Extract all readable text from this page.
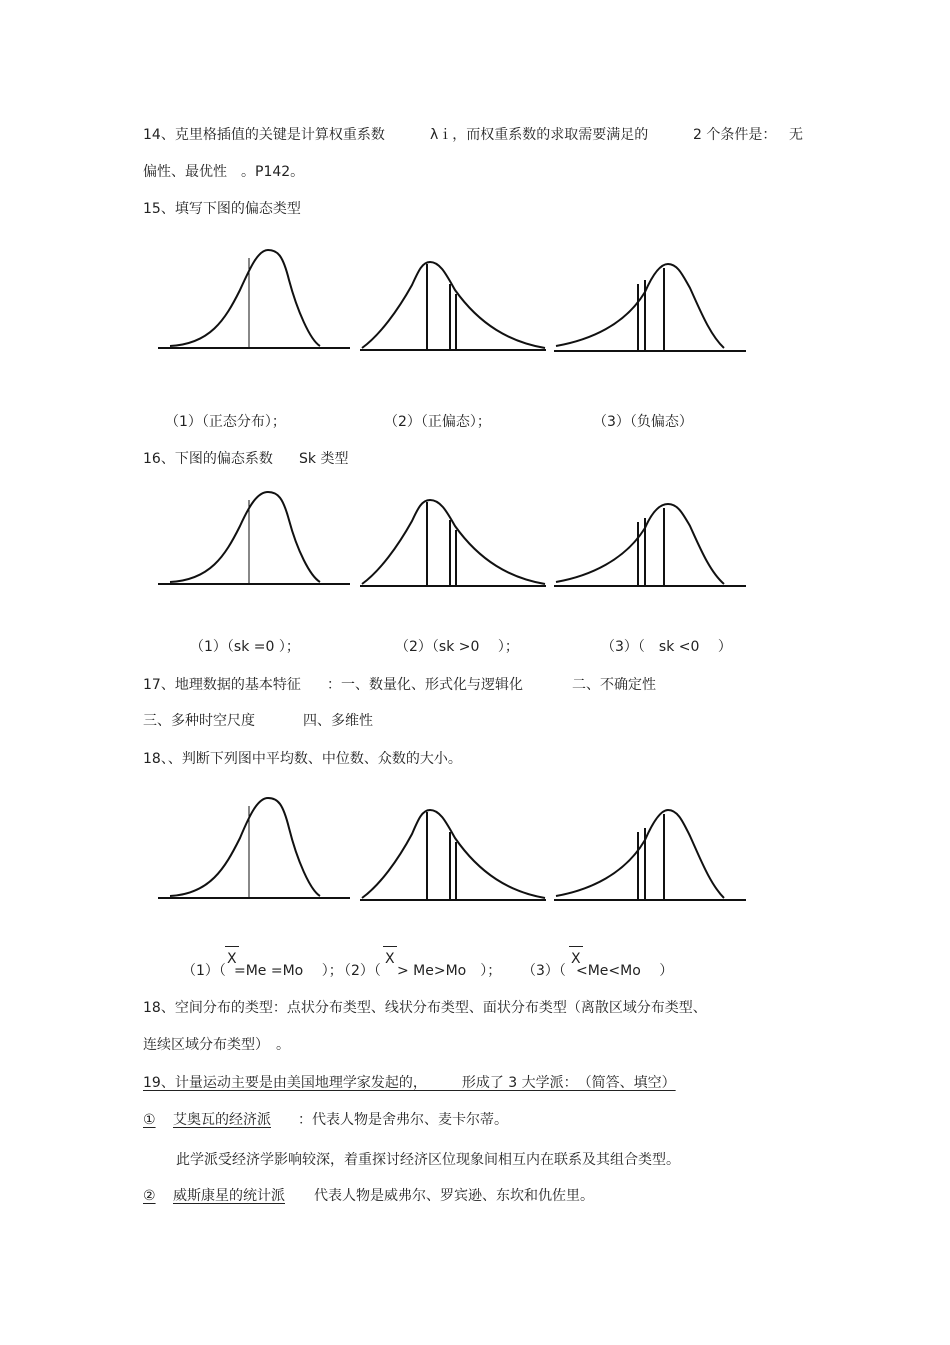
14、克里格插值的关键是计算权重系数	λｉ，而权重系数的求取需要满足的	2 个条件是： 无
偏性、最优性　。P142。
15、填写下图的偏态类型
（1）（正态分布）；	（2）（正偏态）；	（3）（负偏态）
16、下图的偏态系数 Sk 类型
（1）（sk =0 ）；	（2）（sk >0　 ）；	（3）（　sk <0　 ）
17、地理数据的基本特征 ：一、数量化、形式化与逻辑化	二、不确定性
三、多种时空尺度	四、多维性
18、、判断下列图中平均数、中位数、众数的大小。
（1）（
X
=Me =Mo　 ）；
（2）（
X
> Me>Mo　）； （3）（
X
<Me<Mo　 ）
18、空间分布的类型：点状分布类型、线状分布类型、面状分布类型（离散区域分布类型、
连续区域分布类型）　。
19、计量运动主要是由美国地理学家发起的，　　　形成了 3 大学派：　（简答、填空）
① 艾奥瓦的经济派 ：代表人物是舍弗尔、麦卡尔蒂。
此学派受经济学影响较深，着重探讨经济区位现象间相互内在联系及其组合类型。
② 威斯康星的统计派 代表人物是威弗尔、罗宾逊、东坎和仇佐里。
